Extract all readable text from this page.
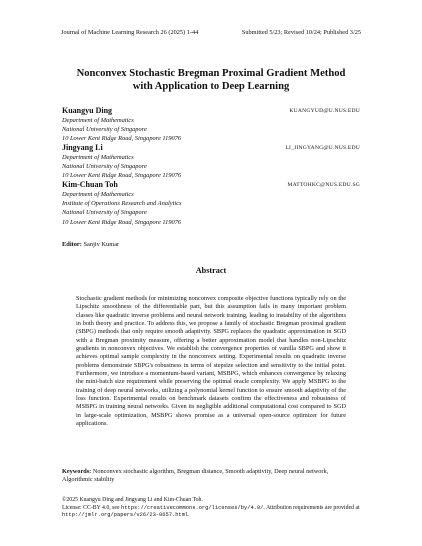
Journal of Machine Learning Research 26 (2025) 1-44	Submitted 5/23; Revised 10/24; Published 3/25
Nonconvex Stochastic Bregman Proximal Gradient Method
with Application to Deep Learning
Kuangyu Ding	KUANGYUD@U.NUS.EDU
Department of Mathematics
National University of Singapore
10 Lower Kent Ridge Road, Singapore 119076
Jingyang Li	LI_JINGYANG@U.NUS.EDU
Department of Mathematics
National University of Singapore
10 Lower Kent Ridge Road, Singapore 119076
Kim-Chuan Toh	MATTOHKC@NUS.EDU.SG
Department of Mathematics
Institute of Operations Research and Analytics
National University of Singapore
10 Lower Kent Ridge Road, Singapore 119076
Editor: Sanjiv Kumar
Abstract
Stochastic gradient methods for minimizing nonconvex composite objective functions typically rely on the Lipschitz smoothness of the differentiable part, but this assumption fails in many important problem classes like quadratic inverse problems and neural network training, leading to instability of the algorithms in both theory and practice. To address this, we propose a family of stochastic Bregman proximal gradient (SBPG) methods that only require smooth adaptivity. SBPG replaces the quadratic approximation in SGD with a Bregman proximity measure, offering a better approximation model that handles non-Lipschitz gradients in nonconvex objectives. We establish the convergence properties of vanilla SBPG and show it achieves optimal sample complexity in the nonconvex setting. Experimental results on quadratic inverse problems demonstrate SBPG's robustness in terms of stepsize selection and sensitivity to the initial point. Furthermore, we introduce a momentum-based variant, MSBPG, which enhances convergence by relaxing the mini-batch size requirement while preserving the optimal oracle complexity. We apply MSBPG to the training of deep neural networks, utilizing a polynomial kernel function to ensure smooth adaptivity of the loss function. Experimental results on benchmark datasets confirm the effectiveness and robustness of MSBPG in training neural networks. Given its negligible additional computational cost compared to SGD in large-scale optimization, MSBPG shows promise as a universal open-source optimizer for future applications.
Keywords: Nonconvex stochastic algorithm, Bregman distance, Smooth adaptivity, Deep neural network, Algorithmic stability
©2025 Kuangyu Ding and Jingyang Li and Kim-Chuan Toh.
License: CC-BY 4.0, see https://creativecommons.org/licenses/by/4.0/. Attribution requirements are provided at http://jmlr.org/papers/v26/23-0657.html.
